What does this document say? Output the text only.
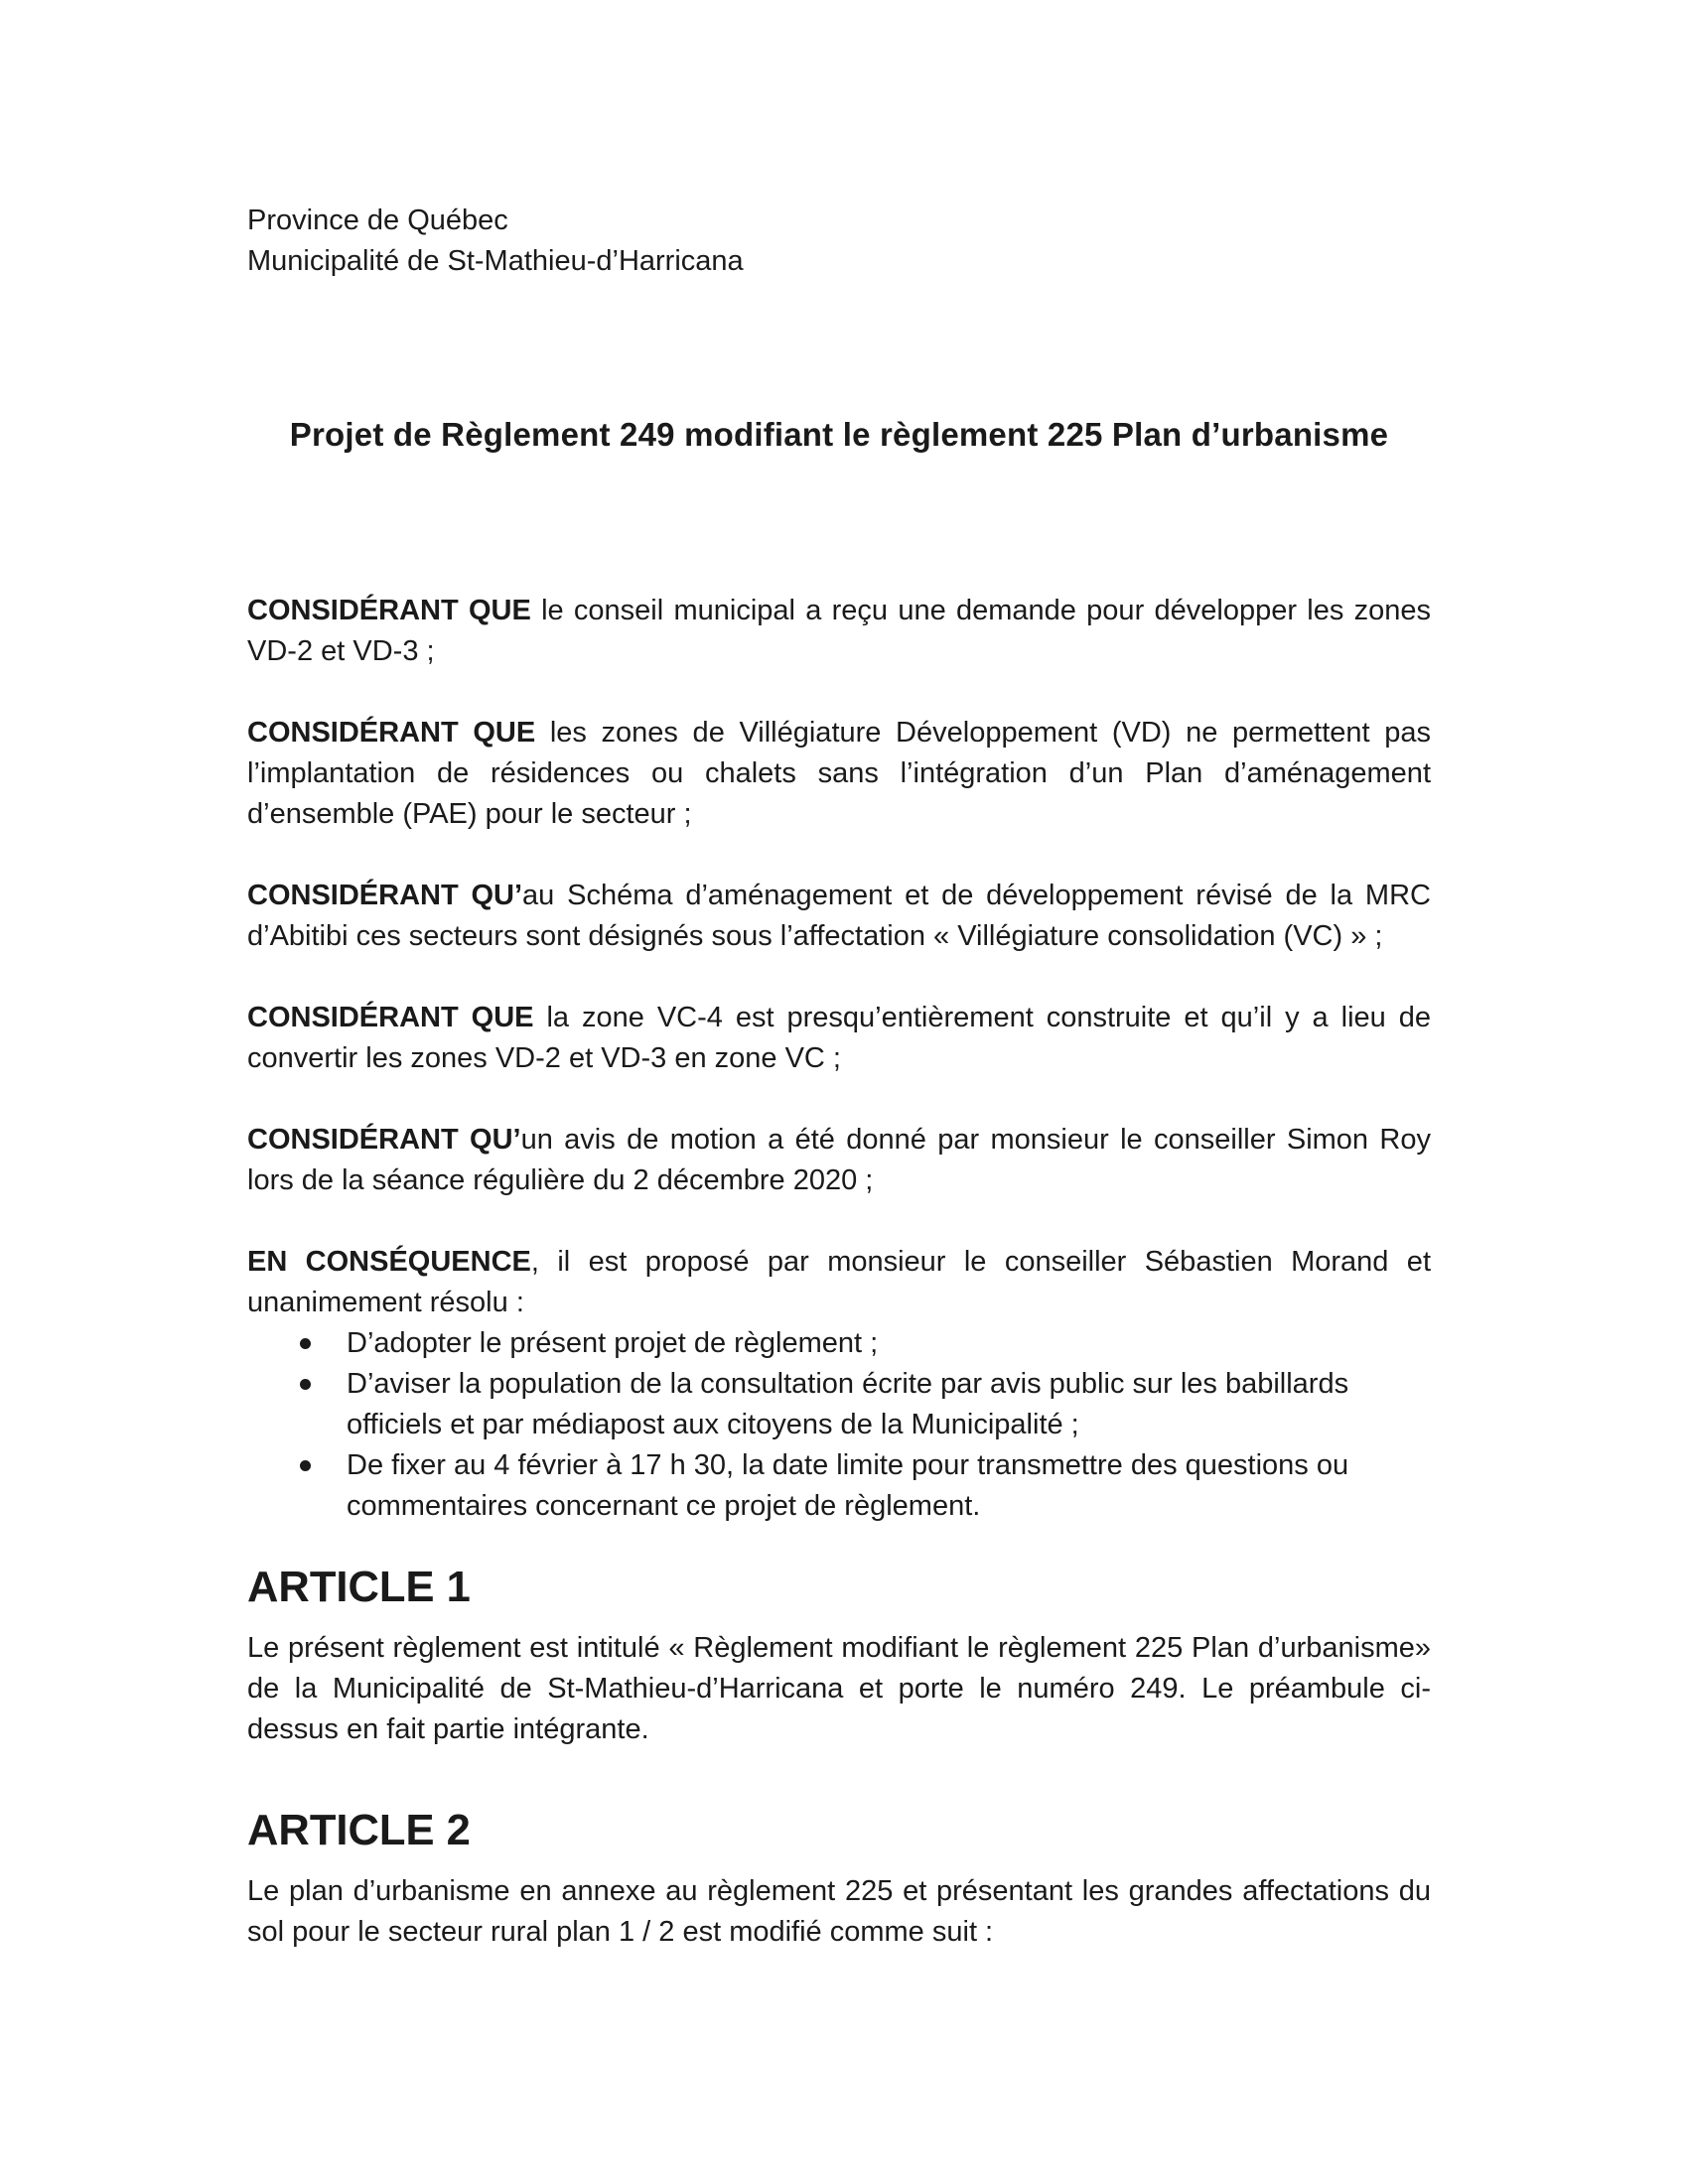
Province de Québec

Municipalité de St-Mathieu-d’Harricana

Projet de Règlement 249 modifiant le règlement 225 Plan d’urbanisme

CONSIDÉRANT QUE le conseil municipal a reçu une demande pour développer les zones VD-2 et VD-3 ;

CONSIDÉRANT QUE les zones de Villégiature Développement (VD) ne permettent pas l’implantation de résidences ou chalets sans l’intégration d’un Plan d’aménagement d’ensemble (PAE) pour le secteur ;

CONSIDÉRANT QU’au Schéma d’aménagement et de développement révisé de la MRC d’Abitibi ces secteurs sont désignés sous l’affectation « Villégiature consolidation (VC) » ;

CONSIDÉRANT QUE la zone VC-4 est presqu’entièrement construite et qu’il y a lieu de convertir les zones VD-2 et VD-3 en zone VC ;

CONSIDÉRANT QU’un avis de motion a été donné par monsieur le conseiller Simon Roy lors de la séance régulière du 2 décembre 2020 ;

EN CONSÉQUENCE, il est proposé par monsieur le conseiller Sébastien Morand et unanimement résolu :

D’adopter le présent projet de règlement ;
D’aviser la population de la consultation écrite par avis public sur les babillards officiels et par médiapost aux citoyens de la Municipalité ;
De fixer au 4 février à 17 h 30, la date limite pour transmettre des questions ou commentaires concernant ce projet de règlement.
ARTICLE 1

Le présent règlement est intitulé « Règlement modifiant le règlement 225 Plan d’urbanisme» de la Municipalité de St-Mathieu-d’Harricana et porte le numéro 249. Le préambule ci-dessus en fait partie intégrante.

ARTICLE 2

Le plan d’urbanisme en annexe au règlement 225 et présentant les grandes affectations du sol pour le secteur rural plan 1 / 2 est modifié comme suit :
